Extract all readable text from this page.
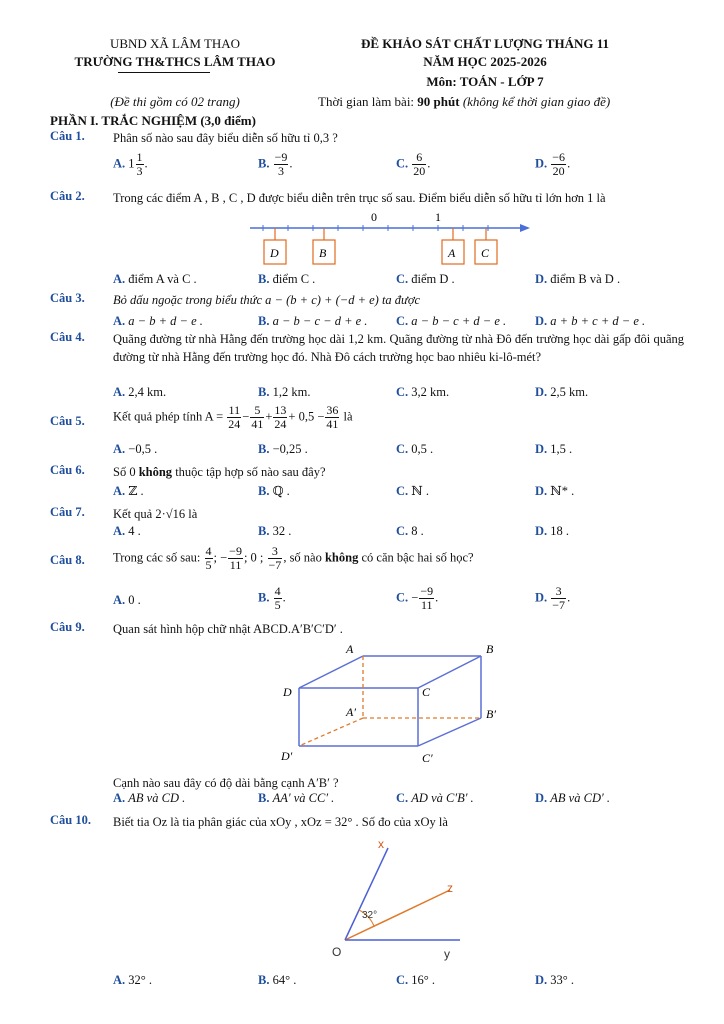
UBND XÃ LÂM THAO
TRƯỜNG TH&THCS LÂM THAO
(Đề thi gồm có 02 trang)
ĐỀ KHẢO SÁT CHẤT LƯỢNG THÁNG 11
NĂM HỌC 2025-2026
Môn: TOÁN - LỚP 7
Thời gian làm bài: 90 phút (không kể thời gian giao đề)
PHẦN I. TRẮC NGHIỆM (3,0 điểm)
Câu 1. Phân số nào sau đây biểu diễn số hữu tỉ 0,3 ?
A. $1 \frac{1}{3}$ .	B. $\frac{-9}{3}$ .	C. $\frac{6}{20}$ .	D. $\frac{-6}{20}$ .
Câu 2. Trong các điểm A , B , C , D được biểu diễn trên trục số sau. Điểm biểu diễn số hữu tỉ lớn hơn 1 là
0	1
D	B	A C
A. điểm A và C .	B. điểm C .	C. điểm D .	D. điểm B và D .
Câu 3. Bỏ dấu ngoặc trong biểu thức a − (b + c) + (−d + e) ta được
A. a − b + d − e .	B. a − b − c − d + e . C. a − b − c + d − e . D. a + b + c + d − e .
Câu 4. Quãng đường từ nhà Hằng đến trường học dài 1,2 km. Quãng đường từ nhà Đô đến trường học dài gấp đôi quãng đường từ nhà Hằng đến trường học đó. Nhà Đô cách trường học bao nhiêu ki-lô-mét?
A. 2,4 km.	B. 1,2 km.	C. 3,2 km.	D. 2,5 km.
Câu 5. Kết quả phép tính $A = \frac{11}{24} - \frac{5}{41} + \frac{13}{24} + 0,5 - \frac{36}{41}$ là
A. −0,5 .	B. −0,25 .	C. 0,5 .	D. 1,5 .
Câu 6. Số 0 không thuộc tập hợp số nào sau đây?
A. ℤ .	B. ℚ .	C. ℕ .	D. ℕ* .
Câu 7. Kết quả 2·√16 là
A. 4 .	B. 32 .	C. 8 .	D. 18 .
Câu 8. Trong các số sau: $\frac{4}{5}$ ; − $\frac{-9}{11}$ ; 0 ; $\frac{3}{-7}$ , số nào không có căn bậc hai số học?
A. 0 .	B. $\frac{4}{5}$ .	C. − $\frac{-9}{11}$ .	D. $\frac{3}{-7}$ .
Câu 9. Quan sát hình hộp chữ nhật ABCD.A′B′C′D′ .
A	B
C
D
A′	B′
C′
D′
Cạnh nào sau đây có độ dài bằng cạnh A′B′ ?
A. AB và CD .	B. AA′ và CC′ .	C. AD và C′B′ .	D. AB và CD′ .
Câu 10. Biết tia Oz là tia phân giác của xOy , xOz = 32° . Số đo của xOy là
x
z
y
O
32°
A. 32° .	B. 64° .	C. 16° .	D. 33° .
